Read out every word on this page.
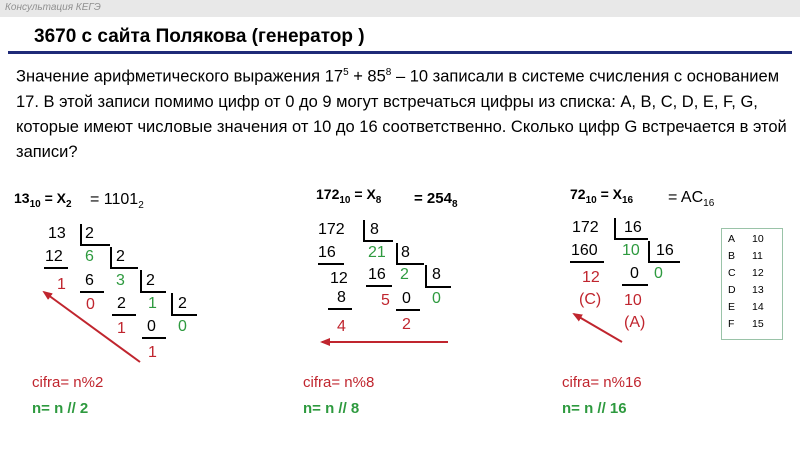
Консультация КЕГЭ
3670 с сайта Полякова (генератор )
Значение арифметического выражения $17^5 + 85^8 - 10$ записали в системе счисления с основанием 17. В этой записи помимо цифр от 0 до 9 могут встречаться цифры из списка: A, B, C, D, E, F, G, которые имеют числовые значения от 10 до 16 соответственно. Сколько цифр G встречается в этой записи?
$13_{10} = X_2 = 1101_2$
13 2
12 6 2
1 6 3 2
0 2 1 2
1 0 0
1
cifra= n%2
n= n // 2
$172_{10} = X_8 = 254_8$
172 8
16 21 8
12 16 2 8
8 5 0 0
4	2
cifra= n%8
n= n // 8
$72_{10} = X_{16} = AC_{16}$
172 16
160 10 16
12 0 0
(C) 10
(A)
cifra= n%16
n= n // 16
A 10
B 11
C 12
D 13
E 14
F 15
